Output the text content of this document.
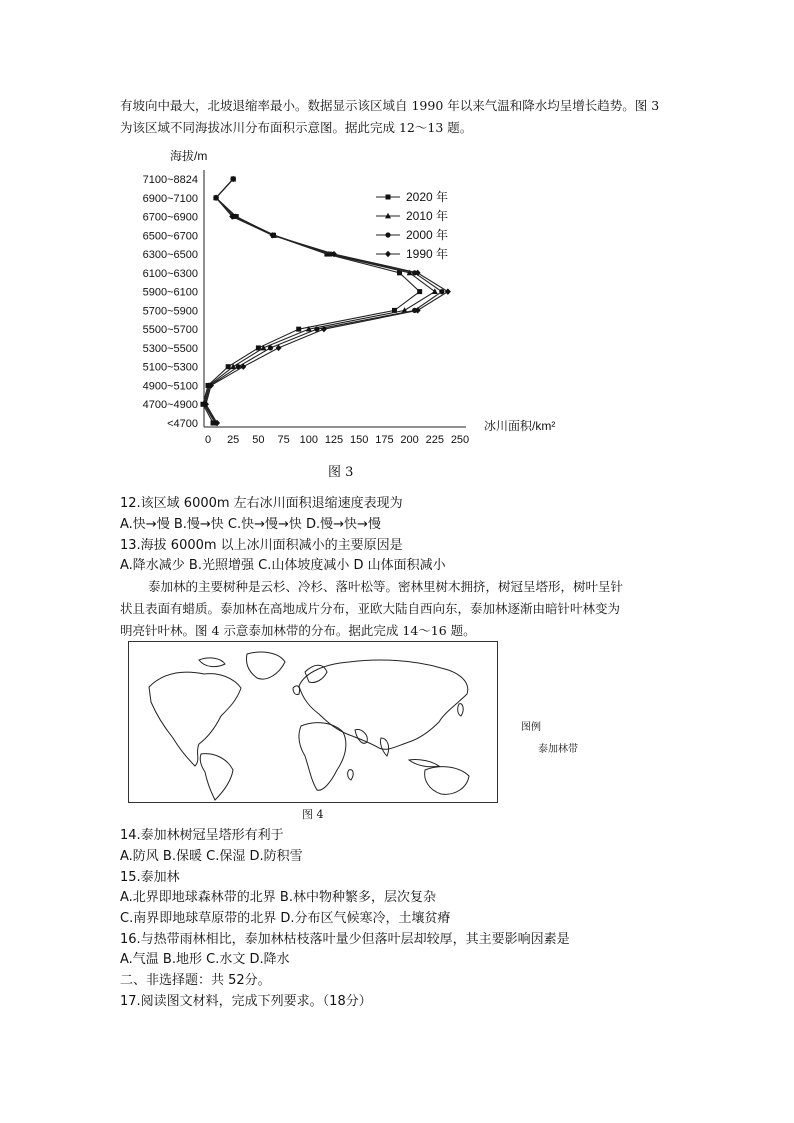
有坡向中最大，北坡退缩率最小。数据显示该区域自 1990 年以来气温和降水均呈增长趋势。图 3
为该区域不同海拔冰川分布面积示意图。据此完成 12～13 题。
海拔/m
<4700
4700~4900
4900~5100
5100~5300
5300~5500
5500~5700
5700~5900
5900~6100
6100~6300
6300~6500
6500~6700
6700~6900
6900~7100
7100~8824
0 25 50 75 100 125 150 175 200 225 250
冰川面积/km²
2020 年
2010 年
2000 年
1990 年
图 3
12.该区域 6000m 左右冰川面积退缩速度表现为
A.快→慢 B.慢→快 C.快→慢→快 D.慢→快→慢
13.海拔 6000m 以上冰川面积减小的主要原因是
A.降水减少 B.光照增强 C.山体坡度减小 D 山体面积减小
泰加林的主要树种是云杉、冷杉、落叶松等。密林里树木拥挤，树冠呈塔形，树叶呈针
状且表面有蜡质。泰加林在高地成片分布，亚欧大陆自西向东，泰加林逐渐由暗针叶林变为
明亮针叶林。图 4 示意泰加林带的分布。据此完成 14～16 题。
图例
泰加林带
图 4
14.泰加林树冠呈塔形有利于
A.防风 B.保暖 C.保湿 D.防积雪
15.泰加林
A.北界即地球森林带的北界 B.林中物种繁多，层次复杂
C.南界即地球草原带的北界 D.分布区气候寒冷，土壤贫瘠
16.与热带雨林相比，泰加林枯枝落叶量少但落叶层却较厚，其主要影响因素是
A.气温 B.地形 C.水文 D.降水
二、非选择题：共 52分。
17.阅读图文材料，完成下列要求。（18分）
